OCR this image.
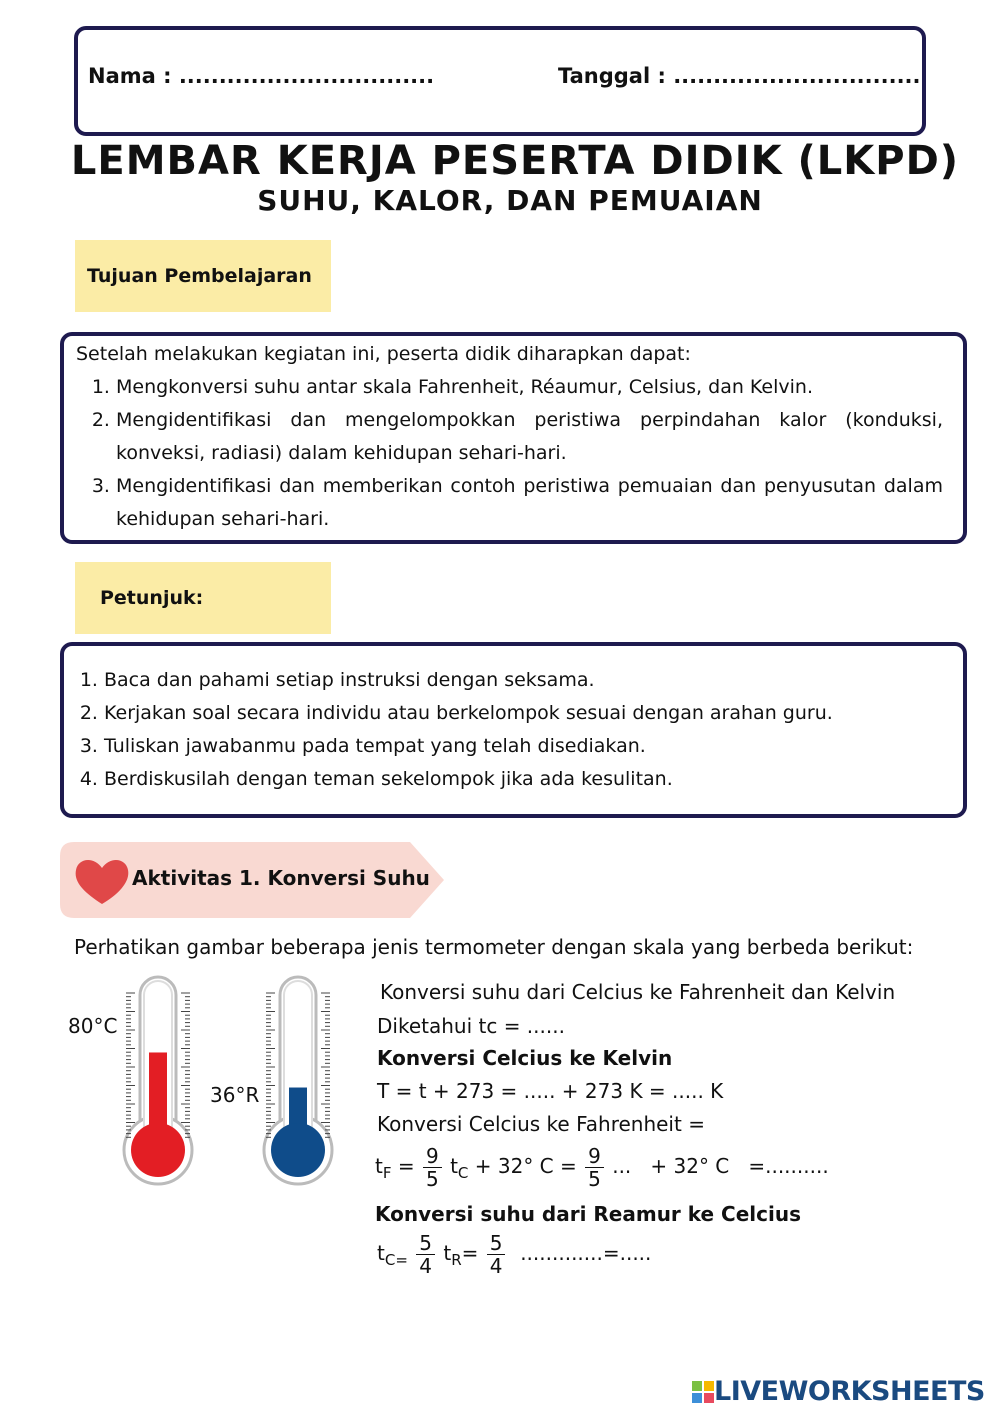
Nama : ................................	Tanggal : ...............................
LEMBAR KERJA PESERTA DIDIK (LKPD)
SUHU, KALOR, DAN PEMUAIAN
Tujuan Pembelajaran
Setelah melakukan kegiatan ini, peserta didik diharapkan dapat:
1. Mengkonversi suhu antar skala Fahrenheit, Réaumur, Celsius, dan Kelvin.
2. Mengidentifikasi dan mengelompokkan peristiwa perpindahan kalor (konduksi, konveksi, radiasi) dalam kehidupan sehari-hari.
3. Mengidentifikasi dan memberikan contoh peristiwa pemuaian dan penyusutan dalam kehidupan sehari-hari.
Petunjuk:
1. Baca dan pahami setiap instruksi dengan seksama.
2. Kerjakan soal secara individu atau berkelompok sesuai dengan arahan guru.
3. Tuliskan jawabanmu pada tempat yang telah disediakan.
4. Berdiskusilah dengan teman sekelompok jika ada kesulitan.
Aktivitas 1. Konversi Suhu
Perhatikan gambar beberapa jenis termometer dengan skala yang berbeda berikut:
80°C
36°R
Konversi suhu dari Celcius ke Fahrenheit dan Kelvin
Diketahui tc = ......
Konversi Celcius ke Kelvin
T = t + 273 = ..... + 273 K = ..... K
Konversi Celcius ke Fahrenheit =
$t_F = \frac{9}{5} t_C + 32^\circ$ $C = \frac{9}{5}$ ... + 32° C =..........
Konversi suhu dari Reamur ke Celcius
$t_{C=} \frac{5}{4} t_R= \frac{5}{4}$ .............=.....
LIVEWORKSHEETS
